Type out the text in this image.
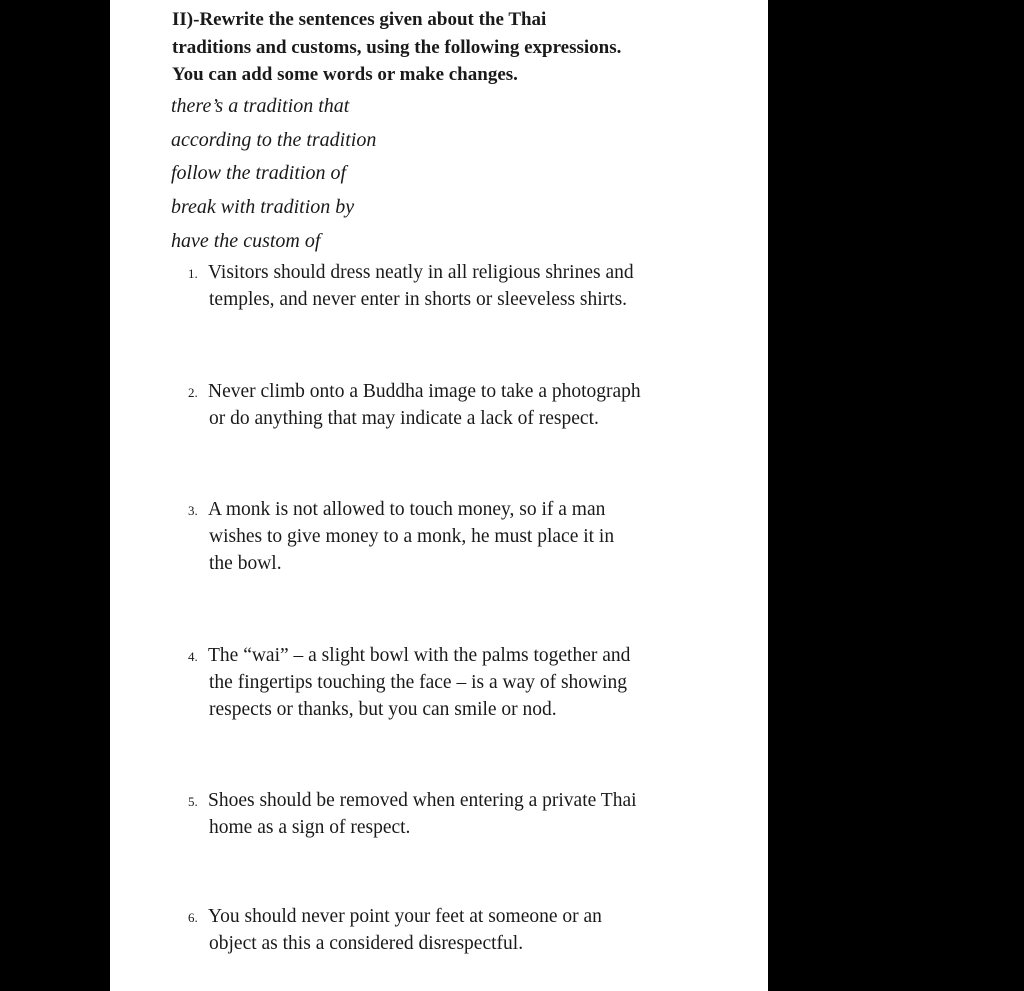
II)-Rewrite the sentences given about the Thai
traditions and customs, using the following expressions.
You can add some words or make changes.
there’s a tradition that
according to the tradition
follow the tradition of
break with tradition by
have the custom of
1. Visitors should dress neatly in all religious shrines and
temples, and never enter in shorts or sleeveless shirts.
2. Never climb onto a Buddha image to take a photograph
or do anything that may indicate a lack of respect.
3. A monk is not allowed to touch money, so if a man
wishes to give money to a monk, he must place it in
the bowl.
4. The “wai” – a slight bowl with the palms together and
the fingertips touching the face – is a way of showing
respects or thanks, but you can smile or nod.
5. Shoes should be removed when entering a private Thai
home as a sign of respect.
6. You should never point your feet at someone or an
object as this a considered disrespectful.
